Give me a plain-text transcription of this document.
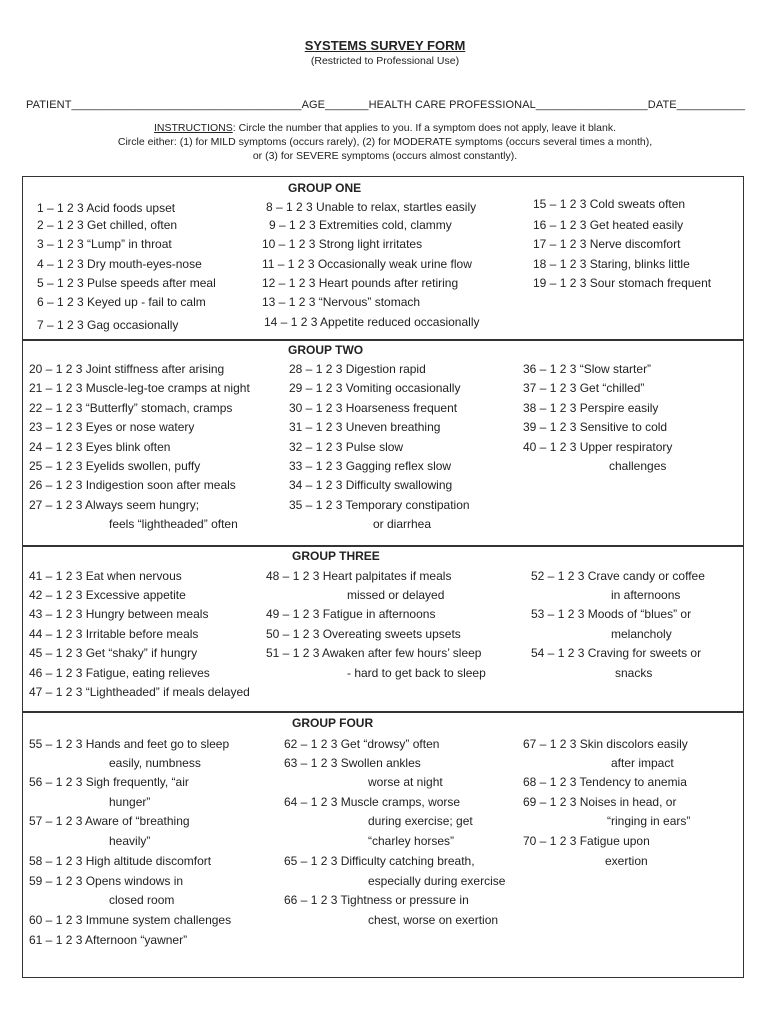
SYSTEMS SURVEY FORM
(Restricted to Professional Use)
PATIENT_____________________________________AGE_______HEALTH CARE PROFESSIONAL__________________DATE___________
INSTRUCTIONS: Circle the number that applies to you. If a symptom does not apply, leave it blank.
Circle either: (1) for MILD symptoms (occurs rarely), (2) for MODERATE symptoms (occurs several times a month),
or (3) for SEVERE symptoms (occurs almost constantly).
GROUP ONE
1 – 1 2 3 Acid foods upset
2 – 1 2 3 Get chilled, often
3 – 1 2 3 “Lump” in throat
4 – 1 2 3 Dry mouth-eyes-nose
5 – 1 2 3 Pulse speeds after meal
6 – 1 2 3 Keyed up - fail to calm
7 – 1 2 3 Gag occasionally
8 – 1 2 3 Unable to relax, startles easily
9 – 1 2 3 Extremities cold, clammy
10 – 1 2 3 Strong light irritates
11 – 1 2 3 Occasionally weak urine flow
12 – 1 2 3 Heart pounds after retiring
13 – 1 2 3 “Nervous” stomach
14 – 1 2 3 Appetite reduced occasionally
15 – 1 2 3 Cold sweats often
16 – 1 2 3 Get heated easily
17 – 1 2 3 Nerve discomfort
18 – 1 2 3 Staring, blinks little
19 – 1 2 3 Sour stomach frequent
GROUP TWO
20 – 1 2 3 Joint stiffness after arising
21 – 1 2 3 Muscle-leg-toe cramps at night
22 – 1 2 3 “Butterfly” stomach, cramps
23 – 1 2 3 Eyes or nose watery
24 – 1 2 3 Eyes blink often
25 – 1 2 3 Eyelids swollen, puffy
26 – 1 2 3 Indigestion soon after meals
27 – 1 2 3 Always seem hungry;
feels “lightheaded” often
28 – 1 2 3 Digestion rapid
29 – 1 2 3 Vomiting occasionally
30 – 1 2 3 Hoarseness frequent
31 – 1 2 3 Uneven breathing
32 – 1 2 3 Pulse slow
33 – 1 2 3 Gagging reflex slow
34 – 1 2 3 Difficulty swallowing
35 – 1 2 3 Temporary constipation
or diarrhea
36 – 1 2 3 “Slow starter”
37 – 1 2 3 Get “chilled”
38 – 1 2 3 Perspire easily
39 – 1 2 3 Sensitive to cold
40 – 1 2 3 Upper respiratory
challenges
GROUP THREE
41 – 1 2 3 Eat when nervous
42 – 1 2 3 Excessive appetite
43 – 1 2 3 Hungry between meals
44 – 1 2 3 Irritable before meals
45 – 1 2 3 Get “shaky” if hungry
46 – 1 2 3 Fatigue, eating relieves
47 – 1 2 3 “Lightheaded” if meals delayed
48 – 1 2 3 Heart palpitates if meals
missed or delayed
49 – 1 2 3 Fatigue in afternoons
50 – 1 2 3 Overeating sweets upsets
51 – 1 2 3 Awaken after few hours’ sleep
- hard to get back to sleep
52 – 1 2 3 Crave candy or coffee
in afternoons
53 – 1 2 3 Moods of “blues” or
melancholy
54 – 1 2 3 Craving for sweets or
snacks
GROUP FOUR
55 – 1 2 3 Hands and feet go to sleep
easily, numbness
56 – 1 2 3 Sigh frequently, “air
hunger”
57 – 1 2 3 Aware of “breathing
heavily”
58 – 1 2 3 High altitude discomfort
59 – 1 2 3 Opens windows in
closed room
60 – 1 2 3 Immune system challenges
61 – 1 2 3 Afternoon “yawner”
62 – 1 2 3 Get “drowsy” often
63 – 1 2 3 Swollen ankles
worse at night
64 – 1 2 3 Muscle cramps, worse
during exercise; get
“charley horses”
65 – 1 2 3 Difficulty catching breath,
especially during exercise
66 – 1 2 3 Tightness or pressure in
chest, worse on exertion
67 – 1 2 3 Skin discolors easily
after impact
68 – 1 2 3 Tendency to anemia
69 – 1 2 3 Noises in head, or
“ringing in ears”
70 – 1 2 3 Fatigue upon
exertion
